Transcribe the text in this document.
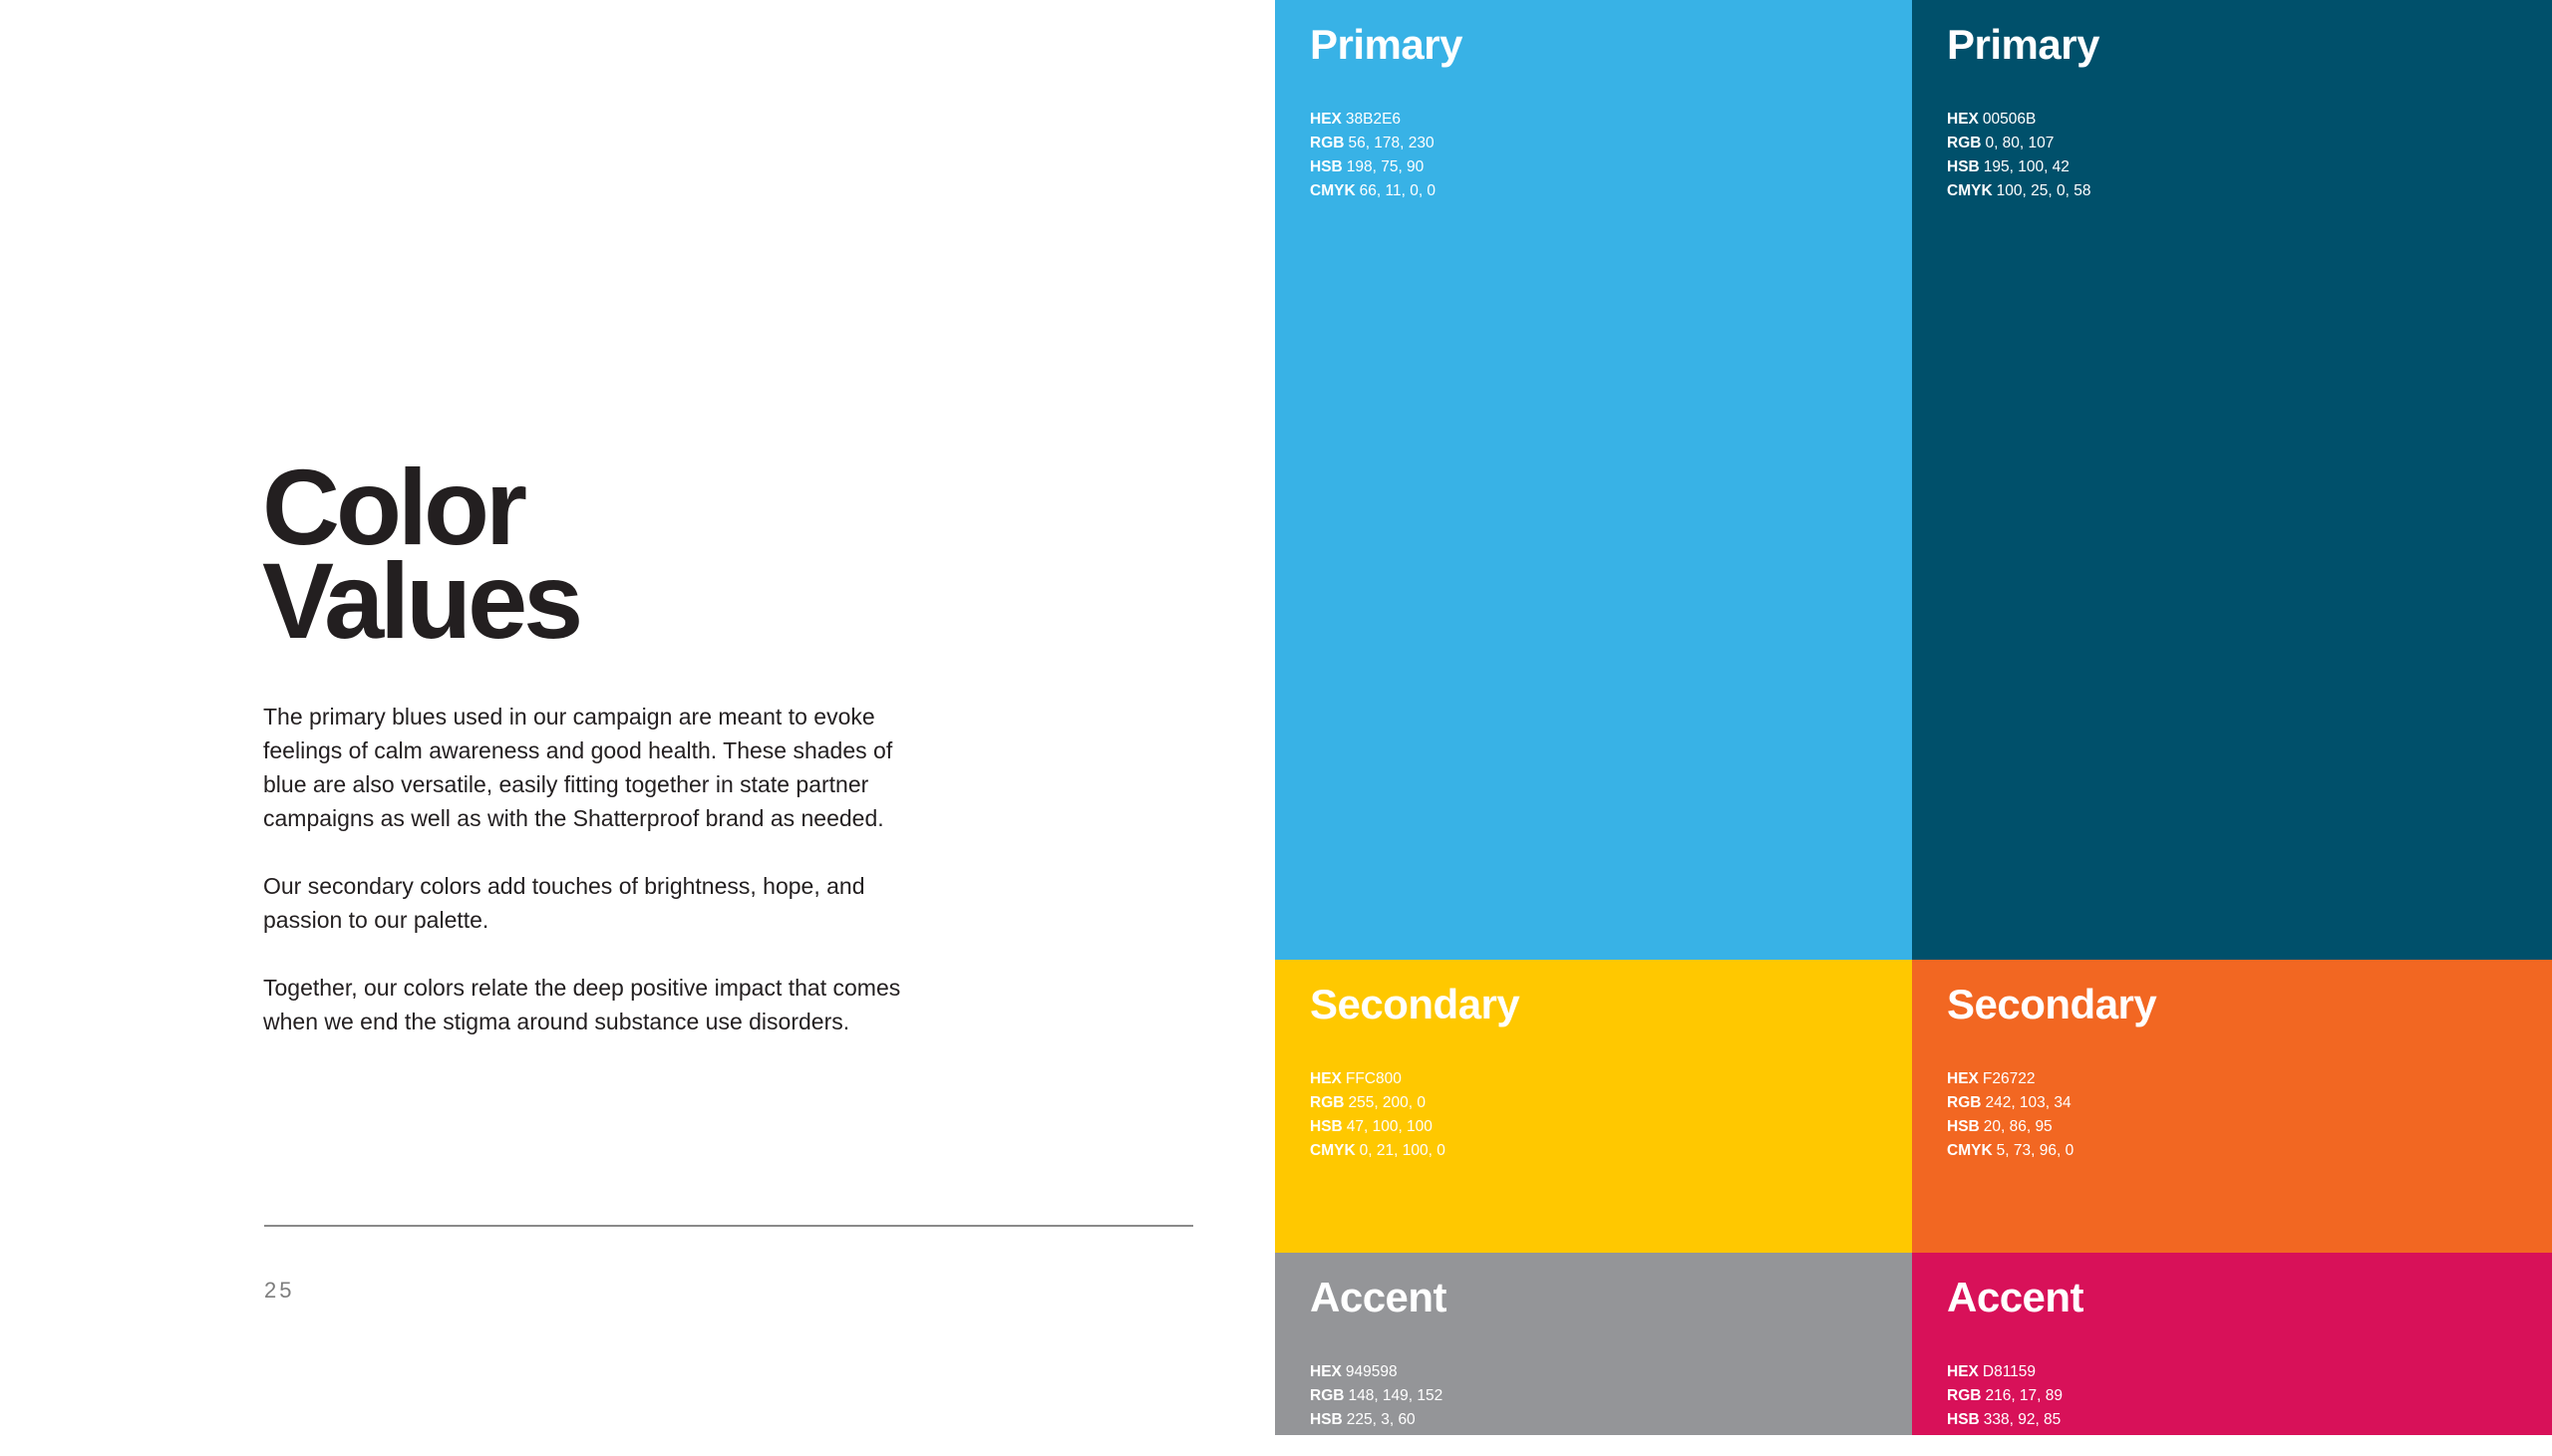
Color
Values

The primary blues used in our campaign are meant to evoke
feelings of calm awareness and good health. These shades of
blue are also versatile, easily fitting together in state partner
campaigns as well as with the Shatterproof brand as needed.

Our secondary colors add touches of brightness, hope, and
passion to our palette.

Together, our colors relate the deep positive impact that comes
when we end the stigma around substance use disorders.

25
Primary
HEX 38B2E6
RGB 56, 178, 230
HSB 198, 75, 90
CMYK 66, 11, 0, 0
Primary
HEX 00506B
RGB 0, 80, 107
HSB 195, 100, 42
CMYK 100, 25, 0, 58
Secondary
HEX FFC800
RGB 255, 200, 0
HSB 47, 100, 100
CMYK 0, 21, 100, 0
Secondary
HEX F26722
RGB 242, 103, 34
HSB 20, 86, 95
CMYK 5, 73, 96, 0
Accent
HEX 949598
RGB 148, 149, 152
HSB 225, 3, 60
CMYK 2, 1, 0, 40
Accent
HEX D81159
RGB 216, 17, 89
HSB 338, 92, 85
CMYK 10, 100, 50, 1
